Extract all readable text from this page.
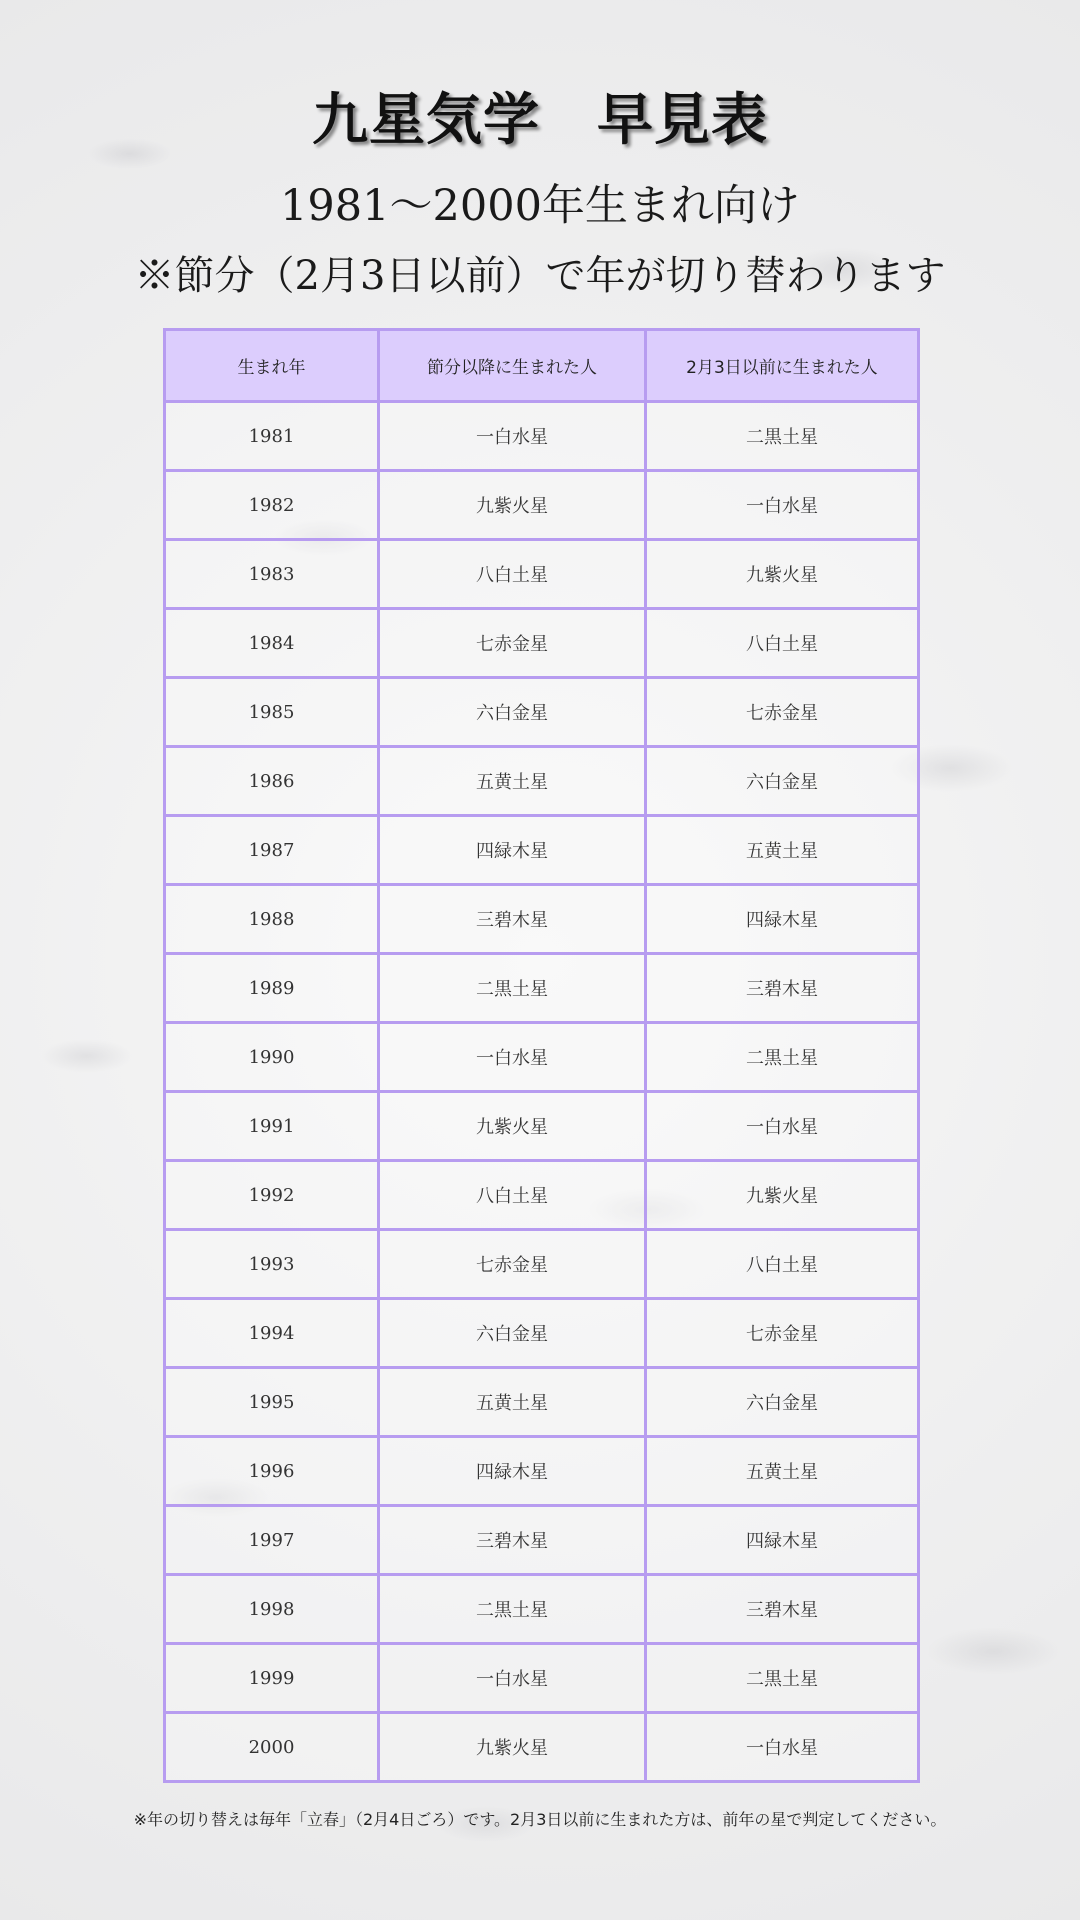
九星気学　早見表
1981〜2000年生まれ向け
※節分（2月3日以前）で年が切り替わります
生まれ年	節分以降に生まれた人	2月3日以前に生まれた人
1981	一白水星	二黒土星
1982	九紫火星	一白水星
1983	八白土星	九紫火星
1984	七赤金星	八白土星
1985	六白金星	七赤金星
1986	五黄土星	六白金星
1987	四緑木星	五黄土星
1988	三碧木星	四緑木星
1989	二黒土星	三碧木星
1990	一白水星	二黒土星
1991	九紫火星	一白水星
1992	八白土星	九紫火星
1993	七赤金星	八白土星
1994	六白金星	七赤金星
1995	五黄土星	六白金星
1996	四緑木星	五黄土星
1997	三碧木星	四緑木星
1998	二黒土星	三碧木星
1999	一白水星	二黒土星
2000	九紫火星	一白水星
※年の切り替えは毎年「立春」（2月4日ごろ）です。2月3日以前に生まれた方は、前年の星で判定してください。
